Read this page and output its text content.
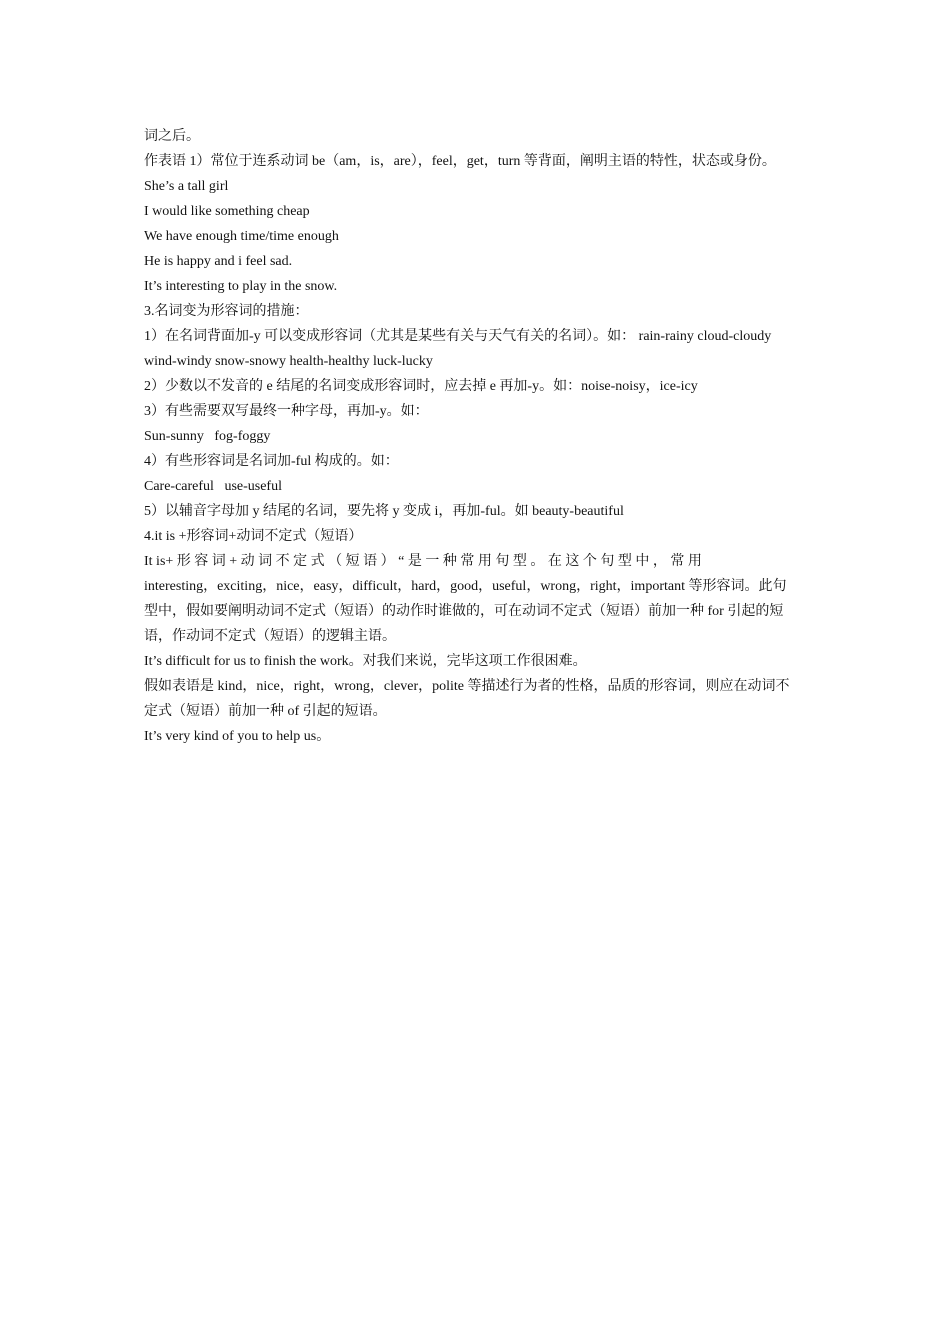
词之后。

作表语 1）常位于连系动词 be（am，is，are），feel，get，turn 等背面，阐明主语的特性，状态或身份。

She’s a tall girl

I would like something cheap

We have enough time/time enough

He is happy and i feel sad.

It’s interesting to play in the snow.

3.名词变为形容词的措施：

1）在名词背面加-y 可以变成形容词（尤其是某些有关与天气有关的名词）。如： rain-rainy cloud-cloudy

wind-windy snow-snowy health-healthy luck-lucky

2）少数以不发音的 e 结尾的名词变成形容词时，应去掉 e 再加-y。如：noise-noisy，ice-icy

3）有些需要双写最终一种字母，再加-y。如：

Sun-sunny   fog-foggy

4）有些形容词是名词加-ful 构成的。如：

Care-careful   use-useful

5）以辅音字母加 y 结尾的名词，要先将 y 变成 i，再加-ful。如 beauty-beautiful

4.it is +形容词+动词不定式（短语）

It is+ 形 容 词 + 动 词 不 定 式 （ 短 语 ） “ 是 一 种 常 用 句 型 。 在 这 个 句 型 中 ， 常 用

interesting，exciting，nice，easy，difficult，hard，good，useful，wrong，right，important 等形容词。此句

型中，假如要阐明动词不定式（短语）的动作时谁做的，可在动词不定式（短语）前加一种 for 引起的短

语，作动词不定式（短语）的逻辑主语。

It’s difficult for us to finish the work。对我们来说，完毕这项工作很困难。

假如表语是 kind，nice，right，wrong，clever，polite 等描述行为者的性格，品质的形容词，则应在动词不

定式（短语）前加一种 of 引起的短语。

It’s very kind of you to help us。
